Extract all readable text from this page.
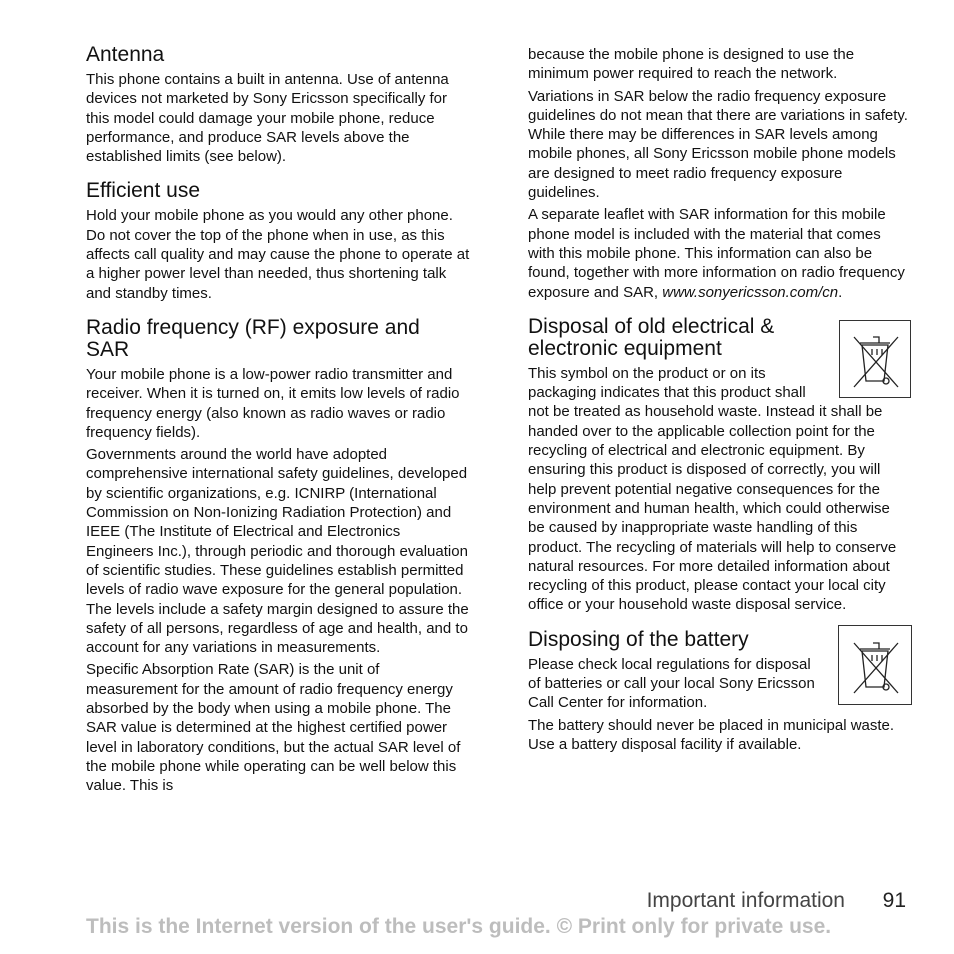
Antenna

This phone contains a built in antenna. Use of antenna devices not marketed by Sony Ericsson specifically for this model could damage your mobile phone, reduce performance, and produce SAR levels above the established limits (see below).

Efficient use

Hold your mobile phone as you would any other phone. Do not cover the top of the phone when in use, as this affects call quality and may cause the phone to operate at a higher power level than needed, thus shortening talk and standby times.

Radio frequency (RF) exposure and SAR

Your mobile phone is a low-power radio transmitter and receiver. When it is turned on, it emits low levels of radio frequency energy (also known as radio waves or radio frequency fields).

Governments around the world have adopted comprehensive international safety guidelines, developed by scientific organizations, e.g. ICNIRP (International Commission on Non-Ionizing Radiation Protection) and IEEE (The Institute of Electrical and Electronics Engineers Inc.), through periodic and thorough evaluation of scientific studies. These guidelines establish permitted levels of radio wave exposure for the general population. The levels include a safety margin designed to assure the safety of all persons, regardless of age and health, and to account for any variations in measurements.

Specific Absorption Rate (SAR) is the unit of measurement for the amount of radio frequency energy absorbed by the body when using a mobile phone. The SAR value is determined at the highest certified power level in laboratory conditions, but the actual SAR level of the mobile phone while operating can be well below this value. This is

because the mobile phone is designed to use the minimum power required to reach the network.

Variations in SAR below the radio frequency exposure guidelines do not mean that there are variations in safety. While there may be differences in SAR levels among mobile phones, all Sony Ericsson mobile phone models are designed to meet radio frequency exposure guidelines.

A separate leaflet with SAR information for this mobile phone model is included with the material that comes with this mobile phone. This information can also be found, together with more information on radio frequency exposure and SAR, www.sonyericsson.com/cn.

Disposal of old electrical & electronic equipment

This symbol on the product or on its packaging indicates that this product shall not be treated as household waste. Instead it shall be handed over to the applicable collection point for the recycling of electrical and electronic equipment. By ensuring this product is disposed of correctly, you will help prevent potential negative consequences for the environment and human health, which could otherwise be caused by inappropriate waste handling of this product. The recycling of materials will help to conserve natural resources. For more detailed information about recycling of this product, please contact your local city office or your household waste disposal service.

Disposing of the battery

Please check local regulations for disposal of batteries or call your local Sony Ericsson Call Center for information.

The battery should never be placed in municipal waste. Use a battery disposal facility if available.

Important information 91
This is the Internet version of the user's guide. © Print only for private use.
